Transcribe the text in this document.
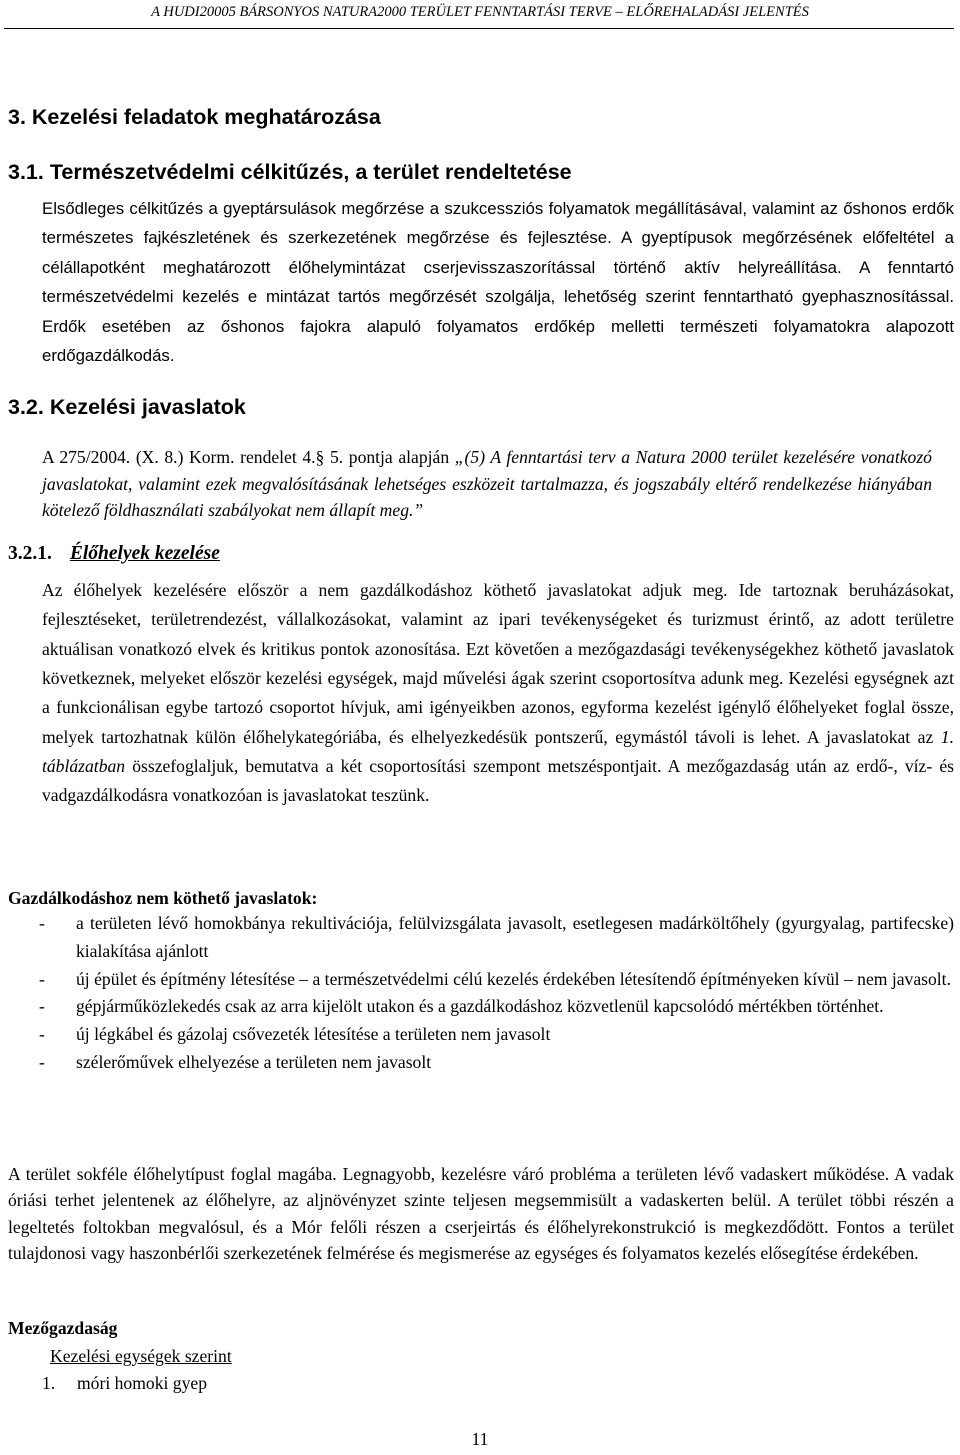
A HUDI20005 BÁRSONYOS NATURA2000 TERÜLET FENNTARTÁSI TERVE – ELŐREHALADÁSI JELENTÉS
3. Kezelési feladatok meghatározása
3.1. Természetvédelmi célkitűzés, a terület rendeltetése

Elsődleges célkitűzés a gyeptársulások megőrzése a szukcessziós folyamatok megállításával, valamint az őshonos erdők természetes fajkészletének és szerkezetének megőrzése és fejlesztése. A gyeptípusok megőrzésének előfeltétel a célállapotként meghatározott élőhelymintázat cserjevisszaszorítással történő aktív helyreállítása. A fenntartó természetvédelmi kezelés e mintázat tartós megőrzését szolgálja, lehetőség szerint fenntartható gyephasznosítással. Erdők esetében az őshonos fajokra alapuló folyamatos erdőkép melletti természeti folyamatokra alapozott erdőgazdálkodás.

3.2. Kezelési javaslatok

A 275/2004. (X. 8.) Korm. rendelet 4.§ 5. pontja alapján „(5) A fenntartási terv a Natura 2000 terület kezelésére vonatkozó javaslatokat, valamint ezek megvalósításának lehetséges eszközeit tartalmazza, és jogszabály eltérő rendelkezése hiányában kötelező földhasználati szabályokat nem állapít meg.”

3.2.1. Élőhelyek kezelése

Az élőhelyek kezelésére először a nem gazdálkodáshoz köthető javaslatokat adjuk meg. Ide tartoznak beruházásokat, fejlesztéseket, területrendezést, vállalkozásokat, valamint az ipari tevékenységeket és turizmust érintő, az adott területre aktuálisan vonatkozó elvek és kritikus pontok azonosítása. Ezt követően a mezőgazdasági tevékenységekhez köthető javaslatok következnek, melyeket először kezelési egységek, majd művelési ágak szerint csoportosítva adunk meg. Kezelési egységnek azt a funkcionálisan egybe tartozó csoportot hívjuk, ami igényeikben azonos, egyforma kezelést igénylő élőhelyeket foglal össze, melyek tartozhatnak külön élőhelykategóriába, és elhelyezkedésük pontszerű, egymástól távoli is lehet. A javaslatokat az 1. táblázatban összefoglaljuk, bemutatva a két csoportosítási szempont metszéspontjait. A mezőgazdaság után az erdő-, víz- és vadgazdálkodásra vonatkozóan is javaslatokat teszünk.

Gazdálkodáshoz nem köthető javaslatok:

- a területen lévő homokbánya rekultivációja, felülvizsgálata javasolt, esetlegesen madárköltőhely (gyurgyalag, partifecske) kialakítása ajánlott
- új épület és építmény létesítése – a természetvédelmi célú kezelés érdekében létesítendő építményeken kívül – nem javasolt.
- gépjárműközlekedés csak az arra kijelölt utakon és a gazdálkodáshoz közvetlenül kapcsolódó mértékben történhet.
- új légkábel és gázolaj csővezeték létesítése a területen nem javasolt
- szélerőművek elhelyezése a területen nem javasolt

A terület sokféle élőhelytípust foglal magába. Legnagyobb, kezelésre váró probléma a területen lévő vadaskert működése. A vadak óriási terhet jelentenek az élőhelyre, az aljnövényzet szinte teljesen megsemmisült a vadaskerten belül. A terület többi részén a legeltetés foltokban megvalósul, és a Mór felőli részen a cserjeirtás és élőhelyrekonstrukció is megkezdődött. Fontos a terület tulajdonosi vagy haszonbérlői szerkezetének felmérése és megismerése az egységes és folyamatos kezelés elősegítése érdekében.

Mezőgazdaság

Kezelési egységek szerint

1. móri homoki gyep

11
